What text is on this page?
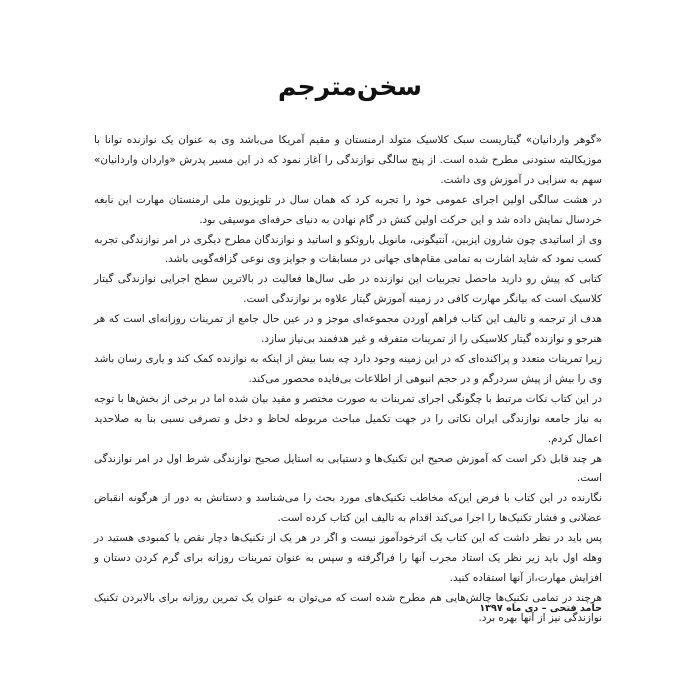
سخن‌مترجم

«گوهر واردانیان» گیتاریست سبک کلاسیک متولد ارمنستان و مقیم آمریکا می‌باشد وی به عنوان یک نوازنده توانا با موزیکالیته ستودنی مطرح شده است. از پنج سالگی نوازندگی را آغاز نمود که در این مسیر پدرش «واردان واردانیان» سهم به سزایی در آموزش وی داشت.

در هشت سالگی اولین اجرای عمومی خود را تجربه کرد که همان سال در تلویزیون ملی ارمنستان مهارت این نابغه خردسال نمایش داده شد و این حرکت اولین کنش در گام نهادن به دنیای حرفه‌ای موسیقی بود.

وی از اساتیدی چون شارون ایزبین، آنتیگونی، مانویل باروئکو و اساتید و نوازندگان مطرح دیگری در امر نوازندگی تجربه کسب نمود که شاید اشارت به تمامی مقام‌های جهانی در مسابقات و جوایز وی نوعی گزافه‌گویی باشد.

کتابی که پیش رو دارید ماحصل تجربیات این نوازنده در طی سال‌ها فعالیت در بالاترین سطح اجرایی نوازندگی گیتار کلاسیک است که بیانگر مهارت کافی در زمینه آموزش گیتار علاوه بر نوازندگی است.

هدف از ترجمه و تالیف این کتاب فراهم آوردن مجموعه‌ای موجز و در عین حال جامع از تمرینات روزانه‌ای است که هر هنرجو و نوازنده گیتار کلاسیکی را از تمرینات متفرقه و غیر هدفمند بی‌نیاز سازد.

زیرا تمرینات متعدد و پراکنده‌ای که در این زمینه وجود دارد چه بسا بیش از اینکه به نوازنده کمک کند و یاری رسان باشد وی را بیش از پیش سردرگم و در حجم انبوهی از اطلاعات بی‌فایده محصور می‌کند.

در این کتاب نکات مرتبط با چگونگی اجرای تمرینات به صورت مختصر و مفید بیان شده اما در برخی از بخش‌ها با توجه به نیاز جامعه نوازندگی ایران نکاتی را در جهت تکمیل مباحث مربوطه لحاظ و دخل و تصرفی نسبی بنا به صلاحدید اعمال کردم.

هر چند قابل ذکر است که آموزش صحیح این تکنیک‌ها و دستیابی به استایل صحیح نوازندگی شرط اول در امر نوازندگی است.

نگارنده در این کتاب با فرض این‌که مخاطب تکنیک‌های مورد بحث را می‌شناسد و دستانش به دور از هرگونه انقباض عضلانی و فشار تکنیک‌ها را اجرا می‌کند اقدام به تالیف این کتاب کرده است.

پس باید در نظر داشت که این کتاب یک اثرخودآموز نیست و اگر در هر یک از تکنیک‌ها دچار نقص یا کمبودی هستید در وهله اول باید زیر نظر یک استاد مجرب آنها را فراگرفته و سپس به عنوان تمرینات روزانه برای گرم کردن دستان و افزایش مهارت،از آنها استفاده کنید.

هرچند در تمامی تکنیک‌ها چالش‌هایی هم مطرح شده است که می‌توان به عنوان یک تمرین روزانه برای بالابردن تکنیک نوازندگی نیز از آنها بهره برد.

حامد فتحی – دی ماه ۱۳۹۷
